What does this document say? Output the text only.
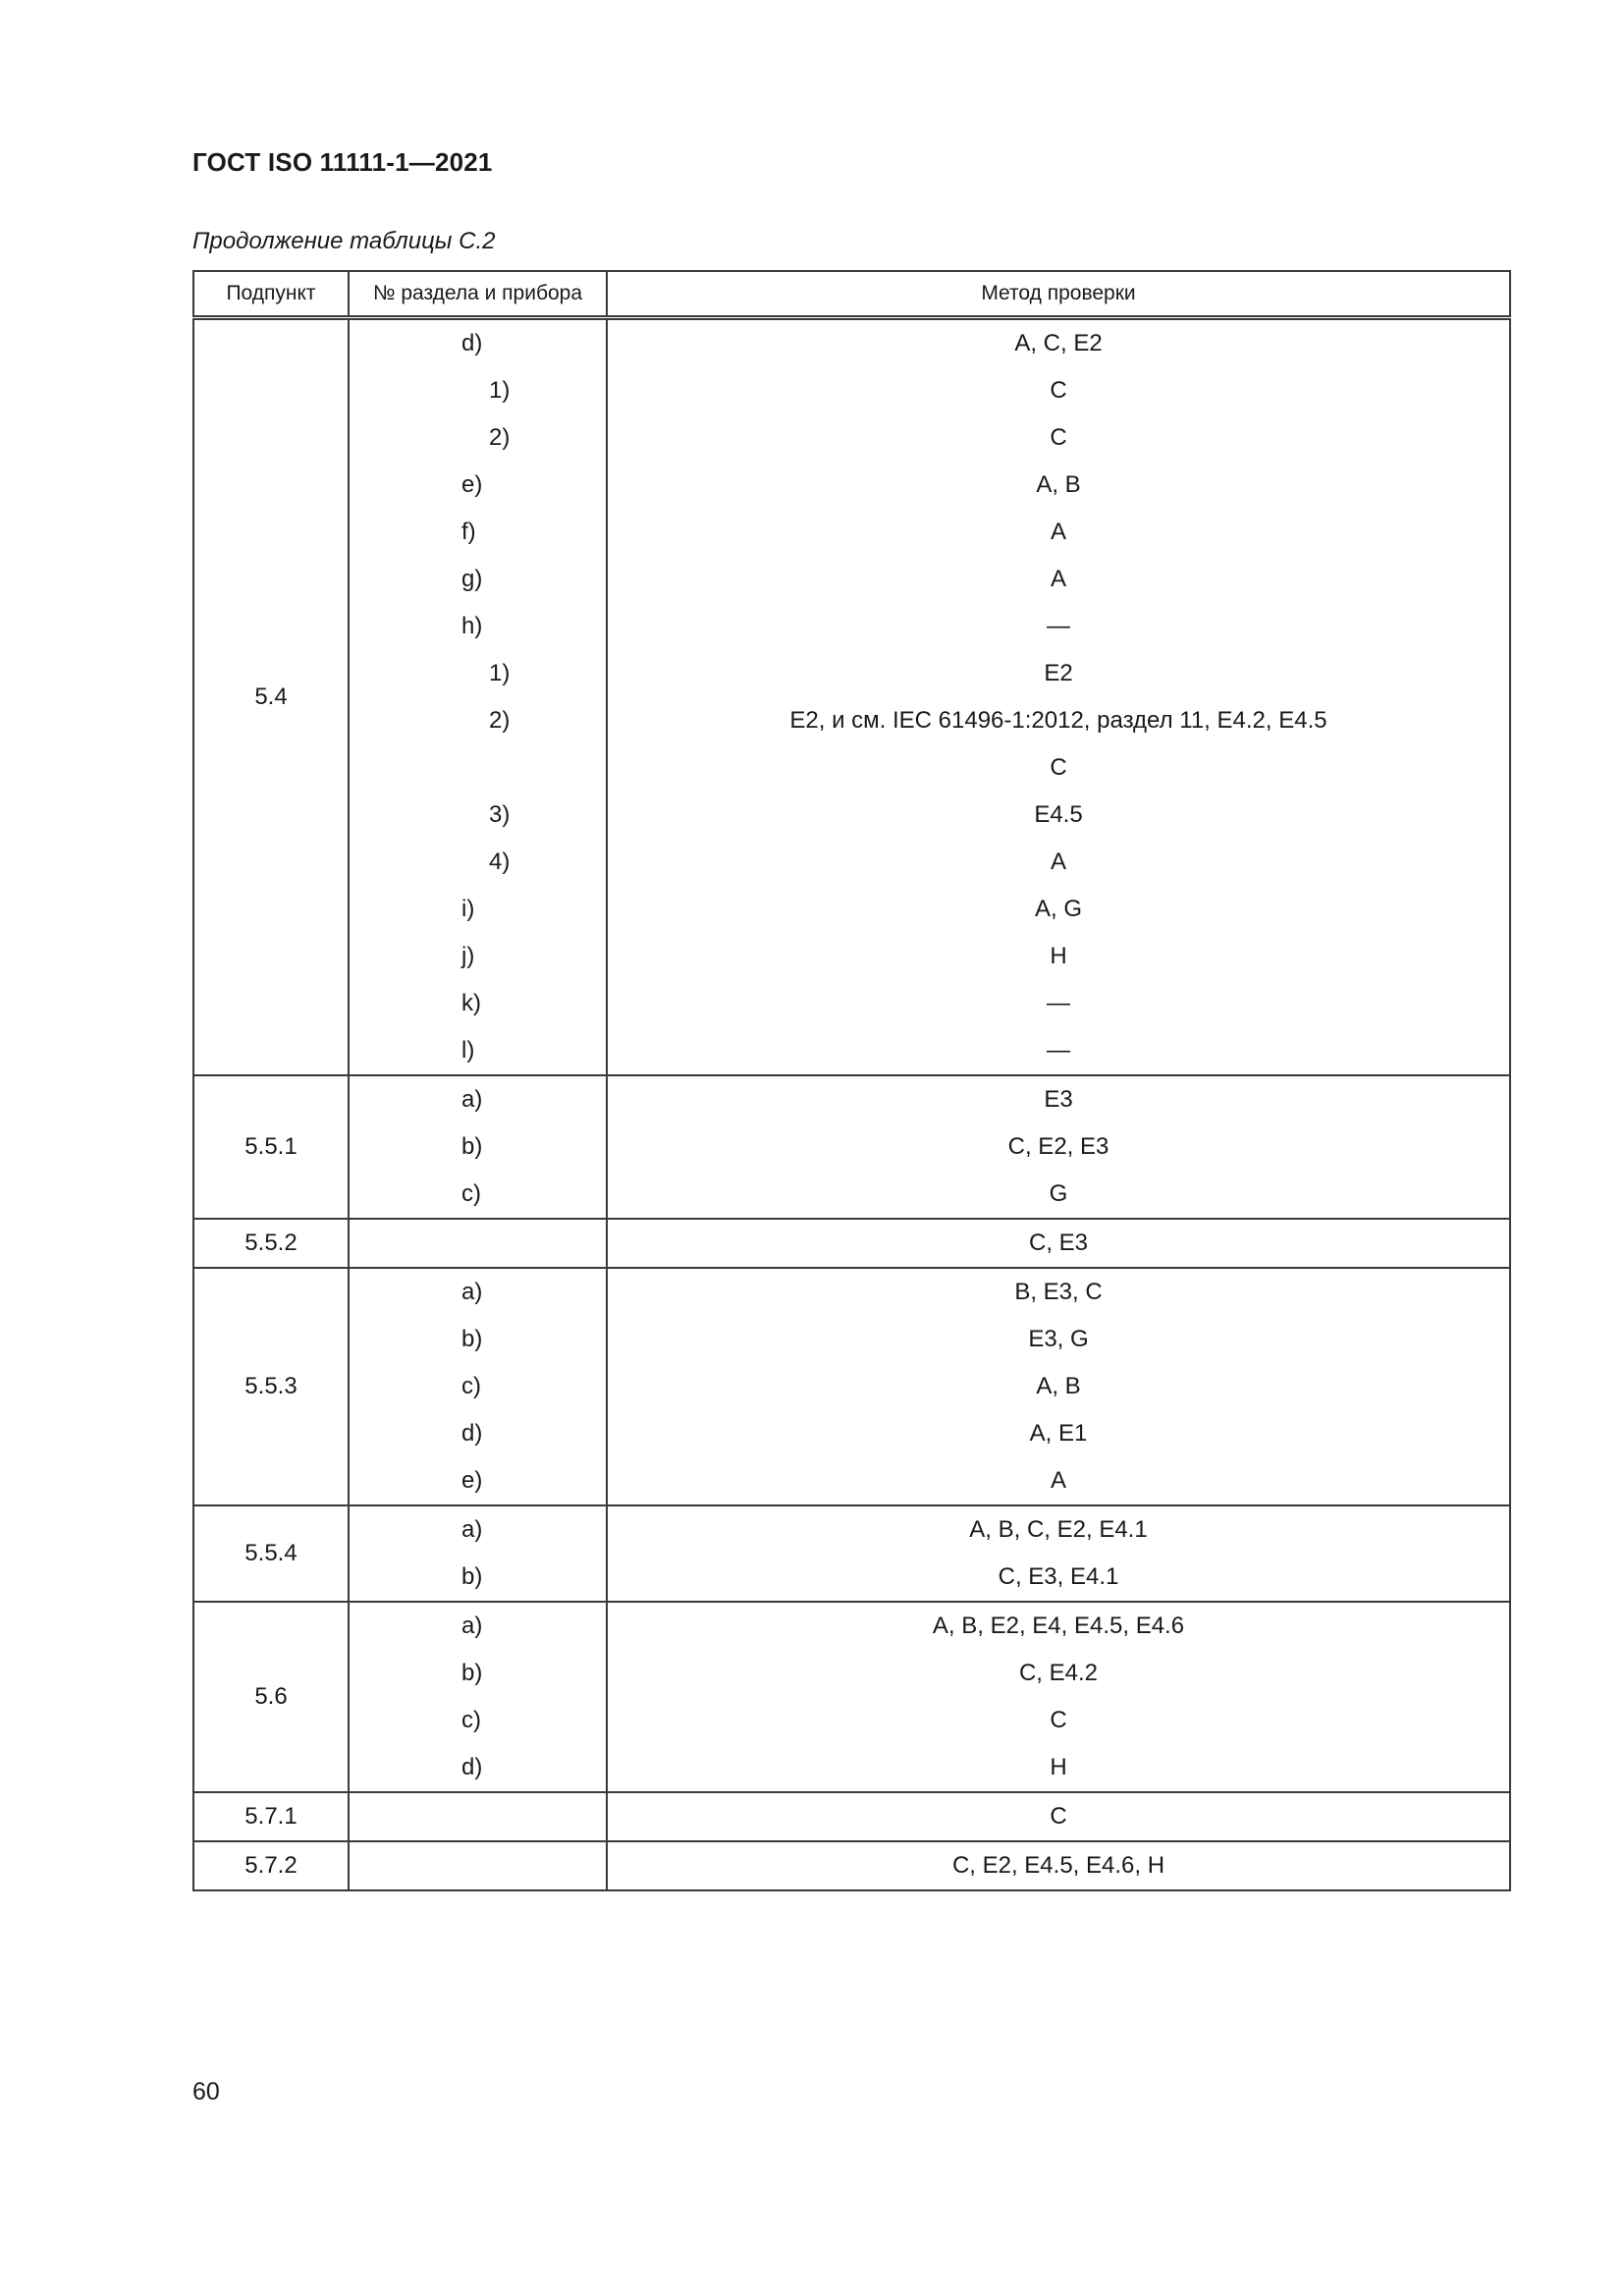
ГОСТ ISO 11111-1—2021
Продолжение таблицы С.2
Подпункт	№ раздела и прибора	Метод проверки
5.4	d)	A, C, E2
	1)	C
	2)	C
	e)	A, B
	f)	A
	g)	A
	h)	—
	1)	E2
	2)	E2, и см. IEC 61496-1:2012, раздел 11, E4.2, E4.5
		C
	3)	E4.5
	4)	A
	i)	A, G
	j)	H
	k)	—
	l)	—
5.5.1	a)	E3
	b)	C, E2, E3
	c)	G
5.5.2		C, E3
5.5.3	a)	B, E3, C
	b)	E3, G
	c)	A, B
	d)	A, E1
	e)	A
5.5.4	a)	A, B, C, E2, E4.1
	b)	C, E3, E4.1
5.6	a)	A, B, E2, E4, E4.5, E4.6
	b)	C, E4.2
	c)	C
	d)	H
5.7.1		C
5.7.2		C, E2, E4.5, E4.6, H
60
